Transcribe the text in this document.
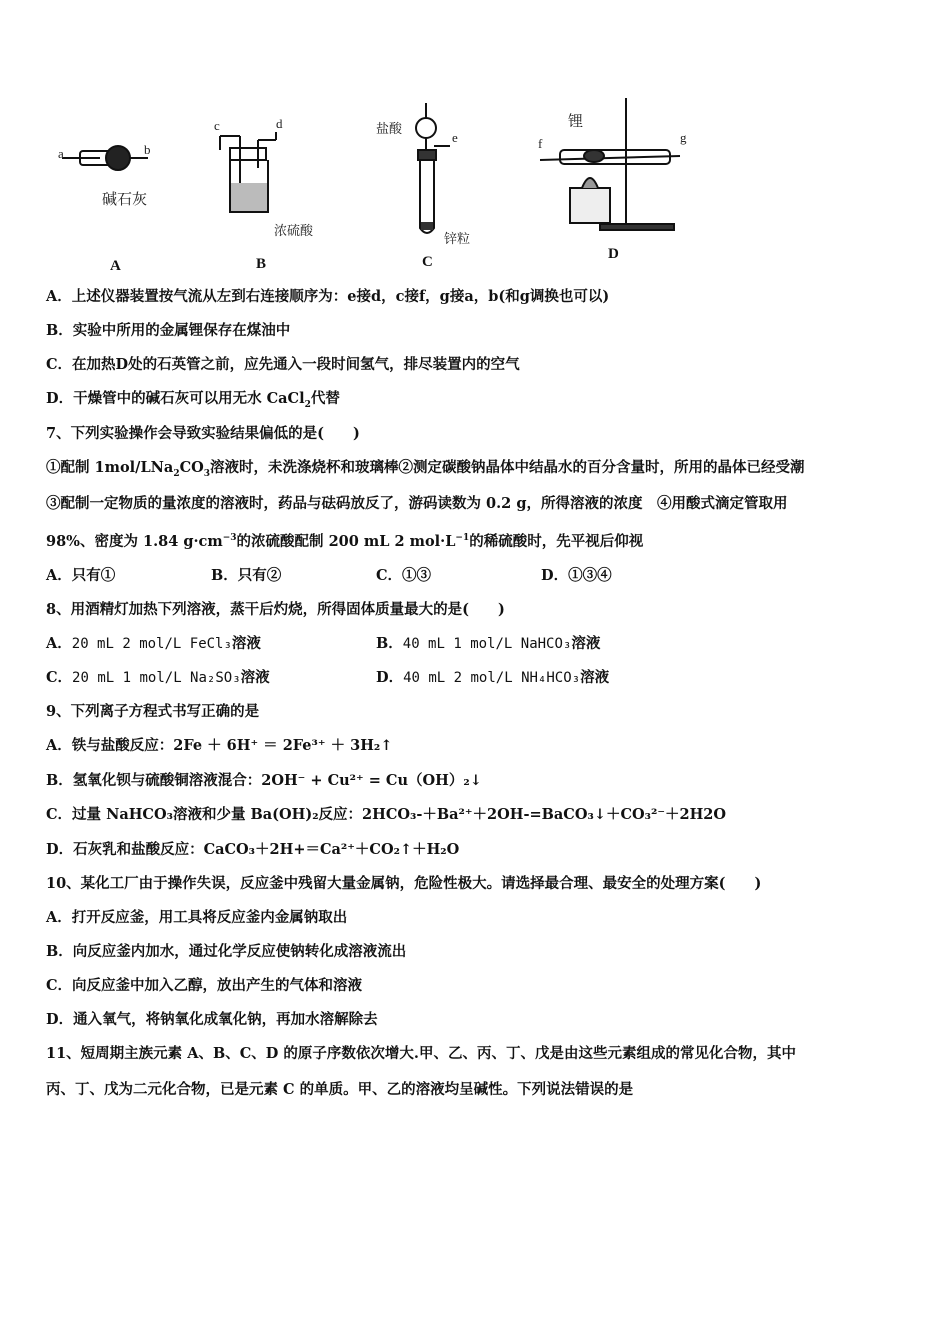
a	b
碱石灰
c	d
浓硫酸
盐酸
e
锌粒
锂
f	g
A	B	C	D
A．上述仪器装置按气流从左到右连接顺序为：e接d，c接f，g接a，b(和g调换也可以)
B．实验中所用的金属锂保存在煤油中
C．在加热D处的石英管之前，应先通入一段时间氢气，排尽装置内的空气
D．干燥管中的碱石灰可以用无水 CaCl$_2$代替
7、下列实验操作会导致实验结果偏低的是(　　)
①配制 $1mol/LNa_2CO_3$溶液时，未洗涤烧杯和玻璃棒②测定碳酸钠晶体中结晶水的百分含量时，所用的晶体已经受潮
③配制一定物质的量浓度的溶液时，药品与砝码放反了，游码读数为 0.2 g，所得溶液的浓度　④用酸式滴定管取用
98%、密度为 1.84 $g\cdot cm^{-3}$的浓硫酸配制 200 mL 2 $mol\cdot L^{-1}$的稀硫酸时，先平视后仰视
A．只有①	B．只有②	C．①③	D．①③④
8、用酒精灯加热下列溶液，蒸干后灼烧，所得固体质量最大的是(　　)
A．20 mL 2 mol/L FeCl₃溶液	B．40 mL 1 mol/L NaHCO₃溶液
C．20 mL 1 mol/L Na₂SO₃溶液	D．40 mL 2 mol/L NH₄HCO₃溶液
9、下列离子方程式书写正确的是
A．铁与盐酸反应：2Fe ＋ 6H⁺ ＝ 2Fe³⁺ ＋ 3H₂↑
B．氢氧化钡与硫酸铜溶液混合：2OH⁻ + Cu²⁺ = Cu（OH）₂↓
C．过量 NaHCO₃溶液和少量 Ba(OH)₂反应：2HCO₃-＋Ba²⁺＋2OH-=BaCO₃↓＋CO₃²⁻＋2H2O
D．石灰乳和盐酸反应：CaCO₃＋2H+＝Ca²⁺＋CO₂↑＋H₂O
10、某化工厂由于操作失误，反应釜中残留大量金属钠，危险性极大。请选择最合理、最安全的处理方案(　　)
A．打开反应釜，用工具将反应釜内金属钠取出
B．向反应釜内加水，通过化学反应使钠转化成溶液流出
C．向反应釜中加入乙醇，放出产生的气体和溶液
D．通入氧气，将钠氧化成氧化钠，再加水溶解除去
11、短周期主族元素 A、B、C、D 的原子序数依次增大.甲、乙、丙、丁、戊是由这些元素组成的常见化合物，其中
丙、丁、戊为二元化合物，已是元素 C 的单质。甲、乙的溶液均呈碱性。下列说法错误的是
